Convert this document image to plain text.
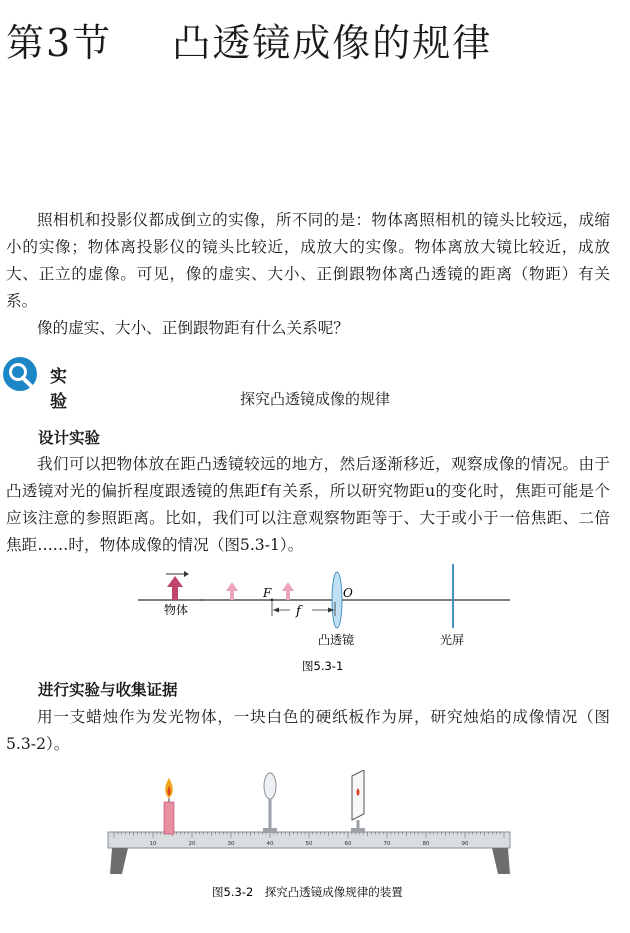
第3节 凸透镜成像的规律

照相机和投影仪都成倒立的实像，所不同的是：物体离照相机的镜头比较远，成缩小的实像；物体离投影仪的镜头比较近，成放大的实像。物体离放大镜比较近，成放大、正立的虚像。可见，像的虚实、大小、正倒跟物体离凸透镜的距离（物距）有关系。

像的虚实、大小、正倒跟物距有什么关系呢？

实 验	探究凸透镜成像的规律
设计实验

我们可以把物体放在距凸透镜较远的地方，然后逐渐移近，观察成像的情况。由于凸透镜对光的偏折程度跟透镜的焦距f有关系，所以研究物距u的变化时，焦距可能是个应该注意的参照距离。比如，我们可以注意观察物距等于、大于或小于一倍焦距、二倍焦距……时，物体成像的情况（图5.3-1）。

物体
F	O
f
凸透镜	光屏
图5.3-1
进行实验与收集证据

用一支蜡烛作为发光物体，一块白色的硬纸板作为屏，研究烛焰的成像情况（图5.3-2）。

10	20	30	40	50	60	70	80	90
图5.3-2　探究凸透镜成像规律的装置
